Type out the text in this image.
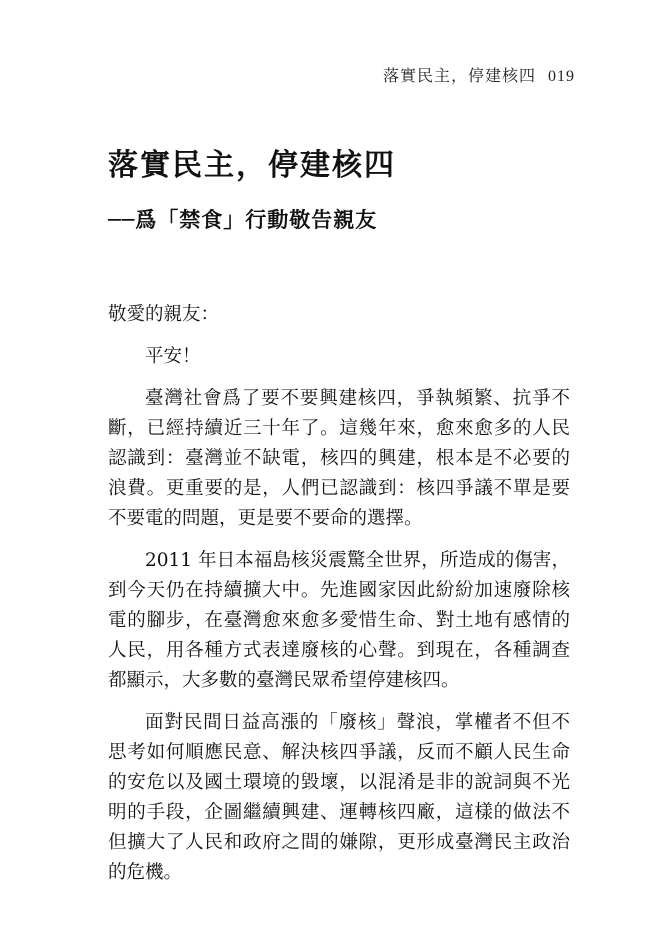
落實民主，停建核四 019
落實民主，停建核四
──爲「禁食」行動敬告親友

敬愛的親友：

平安！

臺灣社會爲了要不要興建核四，爭執頻繁、抗爭不斷，已經持續近三十年了。這幾年來，愈來愈多的人民認識到：臺灣並不缺電，核四的興建，根本是不必要的浪費。更重要的是，人們已認識到：核四爭議不單是要不要電的問題，更是要不要命的選擇。

2011 年日本福島核災震驚全世界，所造成的傷害，到今天仍在持續擴大中。先進國家因此紛紛加速廢除核電的腳步，在臺灣愈來愈多愛惜生命、對土地有感情的人民，用各種方式表達廢核的心聲。到現在，各種調查都顯示，大多數的臺灣民眾希望停建核四。

面對民間日益高漲的「廢核」聲浪，掌權者不但不思考如何順應民意、解決核四爭議，反而不顧人民生命的安危以及國土環境的毀壞，以混淆是非的說詞與不光明的手段，企圖繼續興建、運轉核四廠，這樣的做法不但擴大了人民和政府之間的嫌隙，更形成臺灣民主政治的危機。
